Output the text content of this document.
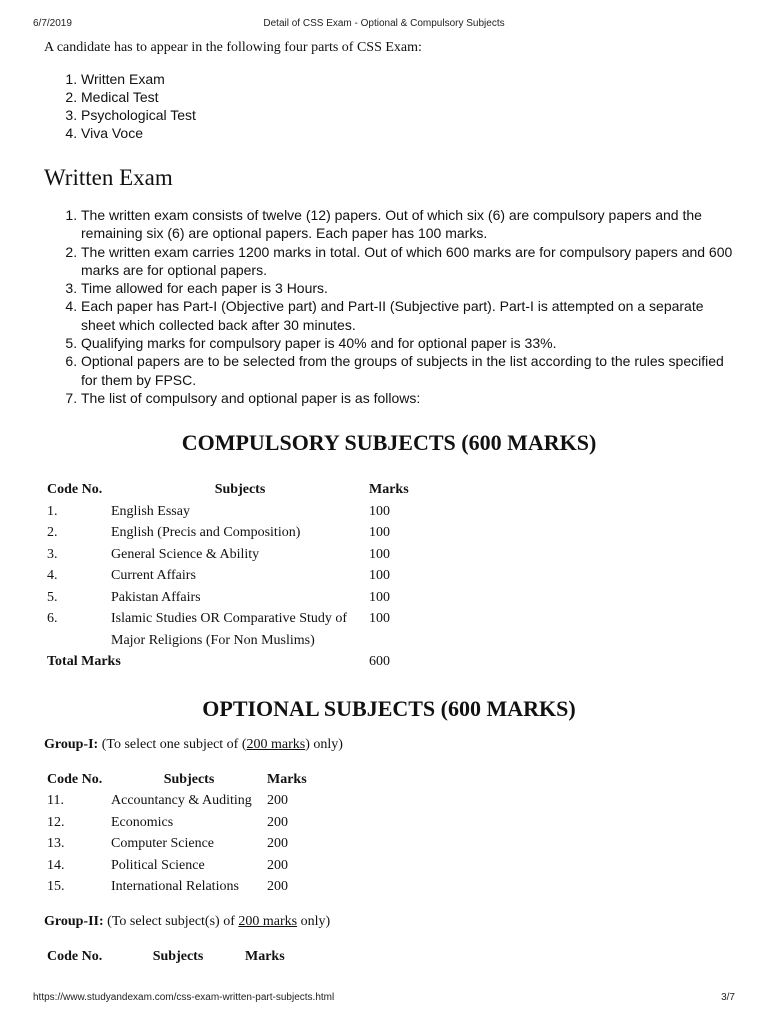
6/7/2019	Detail of CSS Exam - Optional & Compulsory Subjects

A candidate has to appear in the following four parts of CSS Exam:

1. Written Exam
2. Medical Test
3. Psychological Test
4. Viva Voce
Written Exam
1. The written exam consists of twelve (12) papers. Out of which six (6) are compulsory papers and the remaining six (6) are optional papers. Each paper has 100 marks.
2. The written exam carries 1200 marks in total. Out of which 600 marks are for compulsory papers and 600 marks are for optional papers.
3. Time allowed for each paper is 3 Hours.
4. Each paper has Part-I (Objective part) and Part-II (Subjective part). Part-I is attempted on a separate sheet which collected back after 30 minutes.
5. Qualifying marks for compulsory paper is 40% and for optional paper is 33%.
6. Optional papers are to be selected from the groups of subjects in the list according to the rules specified for them by FPSC.
7. The list of compulsory and optional paper is as follows:
COMPULSORY SUBJECTS (600 MARKS)
Code No.	Subjects	Marks
1.	English Essay	100
2.	English (Precis and Composition)	100
3.	General Science & Ability	100
4.	Current Affairs	100
5.	Pakistan Affairs	100
6.	Islamic Studies OR Comparative Study of Major Religions (For Non Muslims)	100
Total Marks		600
OPTIONAL SUBJECTS (600 MARKS)

Group-I: (To select one subject of (200 marks) only)

Code No.	Subjects	Marks
11.	Accountancy & Auditing	200
12.	Economics	200
13.	Computer Science	200
14.	Political Science	200
15.	International Relations	200

Group-II: (To select subject(s) of 200 marks only)

Code No.	Subjects	Marks
https://www.studyandexam.com/css-exam-written-part-subjects.html	3/7
